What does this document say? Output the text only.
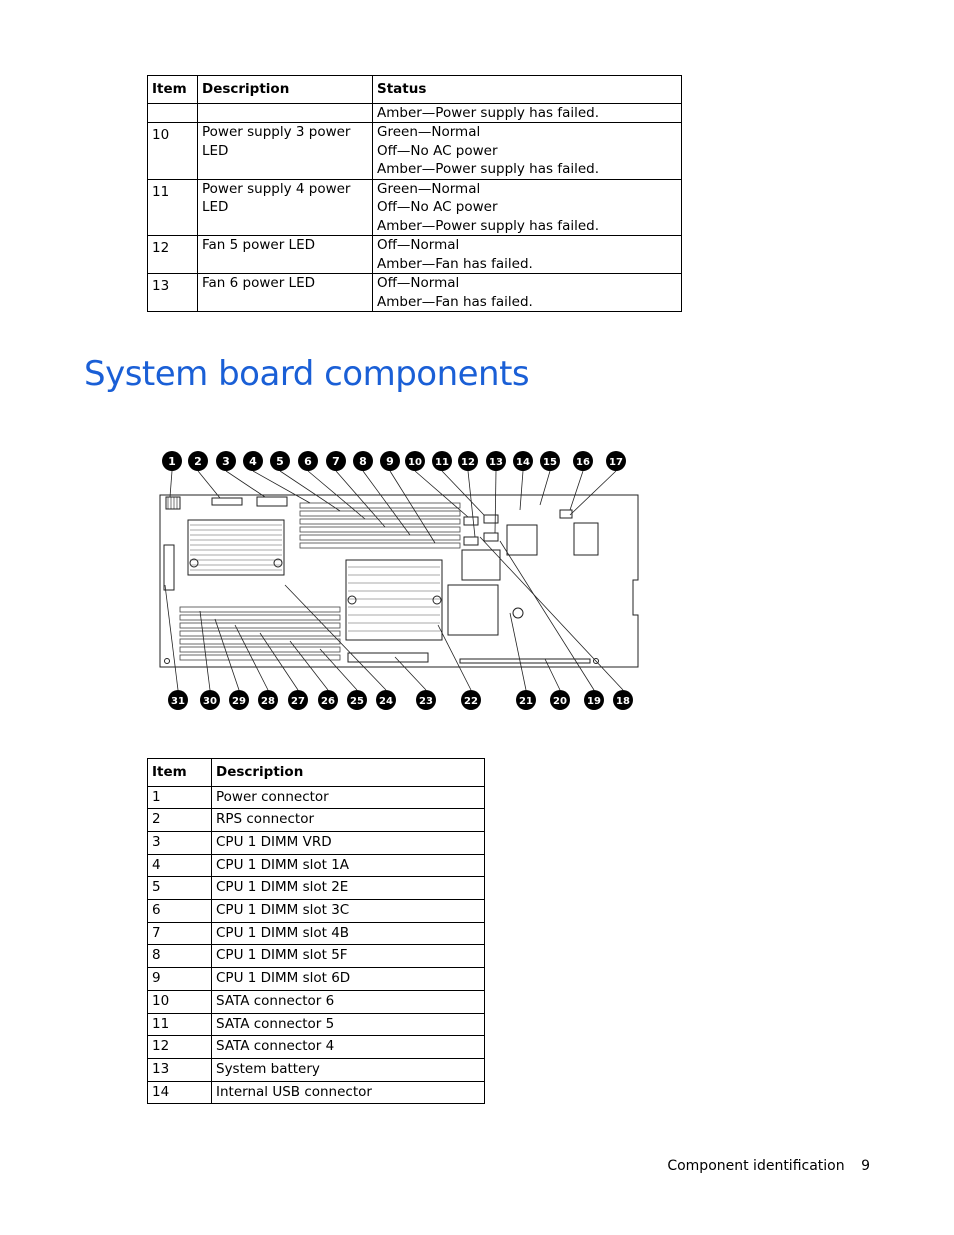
Item	Description	Status
		Amber—Power supply has failed.
10	Power supply 3 power LED	Green—Normal
Off—No AC power
Amber—Power supply has failed.
11	Power supply 4 power LED	Green—Normal
Off—No AC power
Amber—Power supply has failed.
12	Fan 5 power LED	Off—Normal
Amber—Fan has failed.
13	Fan 6 power LED	Off—Normal
Amber—Fan has failed.
System board components
1 2 3 4 5 6 7 8 9 10 11 12 13 14 15 16 17
31 30 29 28 27 26 25 24	23	22	21 20 19 18
Item	Description
1	Power connector
2	RPS connector
3	CPU 1 DIMM VRD
4	CPU 1 DIMM slot 1A
5	CPU 1 DIMM slot 2E
6	CPU 1 DIMM slot 3C
7	CPU 1 DIMM slot 4B
8	CPU 1 DIMM slot 5F
9	CPU 1 DIMM slot 6D
10	SATA connector 6
11	SATA connector 5
12	SATA connector 4
13	System battery
14	Internal USB connector
Component identification 9
